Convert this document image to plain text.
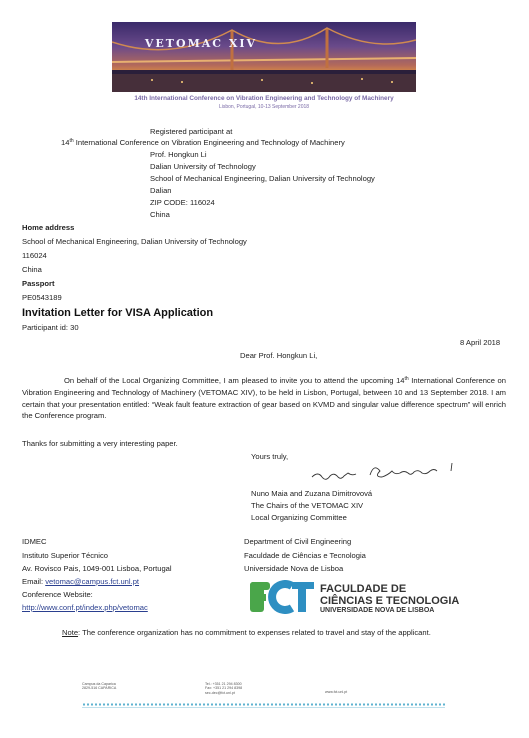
VETOMAC XIV
14th International Conference on Vibration Engineering and Technology of Machinery
Lisbon, Portugal, 10-13 September 2018
Registered participant at
14th International Conference on Vibration Engineering and Technology of Machinery
Prof. Hongkun Li
Dalian University of Technology
School of Mechanical Engineering, Dalian University of Technology
Dalian
ZIP CODE: 116024
China
Home address
School of Mechanical Engineering, Dalian University of Technology
116024
China
Passport
PE0543189
Invitation Letter for VISA Application
Participant id: 30
8 April 2018
Dear Prof. Hongkun Li,
On behalf of the Local Organizing Committee, I am pleased to invite you to attend the upcoming 14th International Conference on Vibration Engineering and Technology of Machinery (VETOMAC XIV), to be held in Lisbon, Portugal, between 10 and 13 September 2018. I am certain that your presentation entitled: “Weak fault feature extraction of gear based on KVMD and singular value difference spectrum” will enrich the Conference program.
Thanks for submitting a very interesting paper.
Yours truly,
Nuno Maia and Zuzana Dimitrovová
The Chairs of the VETOMAC XIV
Local Organizing Committee
IDMEC
Instituto Superior Técnico
Av. Rovisco Pais, 1049-001 Lisboa, Portugal
Email: vetomac@campus.fct.unl.pt
Conference Website:
http://www.conf.pt/index.php/vetomac
Department of Civil Engineering
Faculdade de Ciências e Tecnologia
Universidade Nova de Lisboa
FACULDADE DE
CIÊNCIAS E TECNOLOGIA
UNIVERSIDADE NOVA DE LISBOA
Note: The conference organization has no commitment to expenses related to travel and stay of the applicant.
Campus da Caparica
2829-516 CAPARICA
Tel.: +351 21 294 8300
Fax: +351 21 294 8398
sec-dec@fct.unl.pt	www.fct.unl.pt
